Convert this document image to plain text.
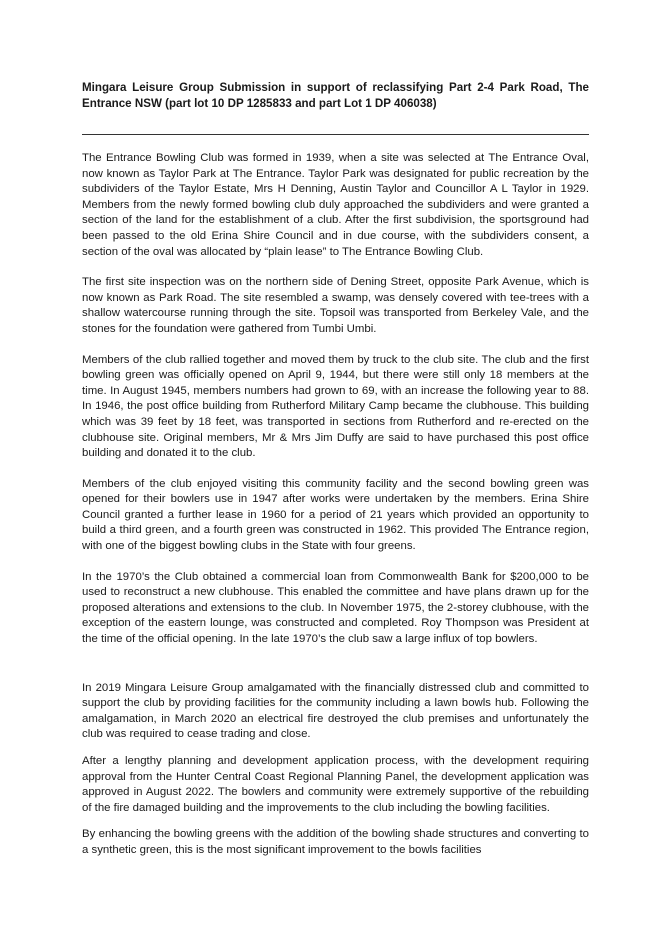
Mingara Leisure Group Submission in support of reclassifying Part 2-4 Park Road, The Entrance NSW (part lot 10 DP 1285833 and part Lot 1 DP 406038)

The Entrance Bowling Club was formed in 1939, when a site was selected at The Entrance Oval, now known as Taylor Park at The Entrance. Taylor Park was designated for public recreation by the subdividers of the Taylor Estate, Mrs H Denning, Austin Taylor and Councillor A L Taylor in 1929. Members from the newly formed bowling club duly approached the subdividers and were granted a section of the land for the establishment of a club. After the first subdivision, the sportsground had been passed to the old Erina Shire Council and in due course, with the subdividers consent, a section of the oval was allocated by “plain lease” to The Entrance Bowling Club.

The first site inspection was on the northern side of Dening Street, opposite Park Avenue, which is now known as Park Road. The site resembled a swamp, was densely covered with tee-trees with a shallow watercourse running through the site. Topsoil was transported from Berkeley Vale, and the stones for the foundation were gathered from Tumbi Umbi.

Members of the club rallied together and moved them by truck to the club site. The club and the first bowling green was officially opened on April 9, 1944, but there were still only 18 members at the time. In August 1945, members numbers had grown to 69, with an increase the following year to 88. In 1946, the post office building from Rutherford Military Camp became the clubhouse. This building which was 39 feet by 18 feet, was transported in sections from Rutherford and re-erected on the clubhouse site. Original members, Mr & Mrs Jim Duffy are said to have purchased this post office building and donated it to the club.

Members of the club enjoyed visiting this community facility and the second bowling green was opened for their bowlers use in 1947 after works were undertaken by the members. Erina Shire Council granted a further lease in 1960 for a period of 21 years which provided an opportunity to build a third green, and a fourth green was constructed in 1962. This provided The Entrance region, with one of the biggest bowling clubs in the State with four greens.

In the 1970’s the Club obtained a commercial loan from Commonwealth Bank for $200,000 to be used to reconstruct a new clubhouse. This enabled the committee and have plans drawn up for the proposed alterations and extensions to the club. In November 1975, the 2-storey clubhouse, with the exception of the eastern lounge, was constructed and completed. Roy Thompson was President at the time of the official opening. In the late 1970’s the club saw a large influx of top bowlers.

In 2019 Mingara Leisure Group amalgamated with the financially distressed club and committed to support the club by providing facilities for the community including a lawn bowls hub. Following the amalgamation, in March 2020 an electrical fire destroyed the club premises and unfortunately the club was required to cease trading and close.

After a lengthy planning and development application process, with the development requiring approval from the Hunter Central Coast Regional Planning Panel, the development application was approved in August 2022. The bowlers and community were extremely supportive of the rebuilding of the fire damaged building and the improvements to the club including the bowling facilities.

By enhancing the bowling greens with the addition of the bowling shade structures and converting to a synthetic green, this is the most significant improvement to the bowls facilities
